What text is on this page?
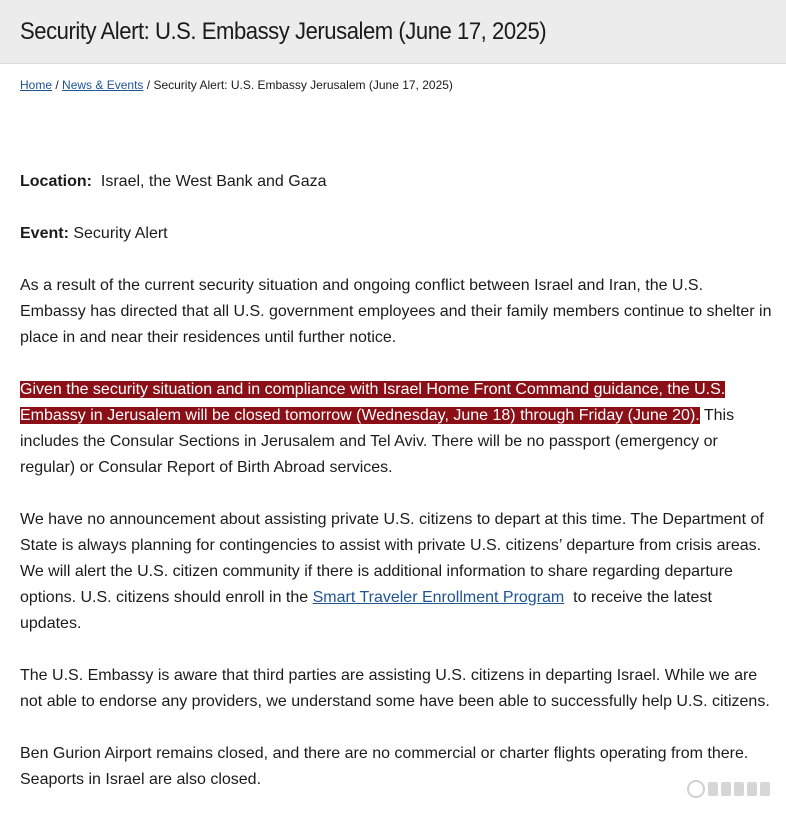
Security Alert: U.S. Embassy Jerusalem (June 17, 2025)
Home / News & Events / Security Alert: U.S. Embassy Jerusalem (June 17, 2025)

Location: Israel, the West Bank and Gaza

Event: Security Alert

As a result of the current security situation and ongoing conflict between Israel and Iran, the U.S. Embassy has directed that all U.S. government employees and their family members continue to shelter in place in and near their residences until further notice.

Given the security situation and in compliance with Israel Home Front Command guidance, the U.S. Embassy in Jerusalem will be closed tomorrow (Wednesday, June 18) through Friday (June 20). This includes the Consular Sections in Jerusalem and Tel Aviv. There will be no passport (emergency or regular) or Consular Report of Birth Abroad services.

We have no announcement about assisting private U.S. citizens to depart at this time. The Department of State is always planning for contingencies to assist with private U.S. citizens’ departure from crisis areas. We will alert the U.S. citizen community if there is additional information to share regarding departure options. U.S. citizens should enroll in the Smart Traveler Enrollment Program to receive the latest updates.

The U.S. Embassy is aware that third parties are assisting U.S. citizens in departing Israel. While we are not able to endorse any providers, we understand some have been able to successfully help U.S. citizens.

Ben Gurion Airport remains closed, and there are no commercial or charter flights operating from there. Seaports in Israel are also closed.
